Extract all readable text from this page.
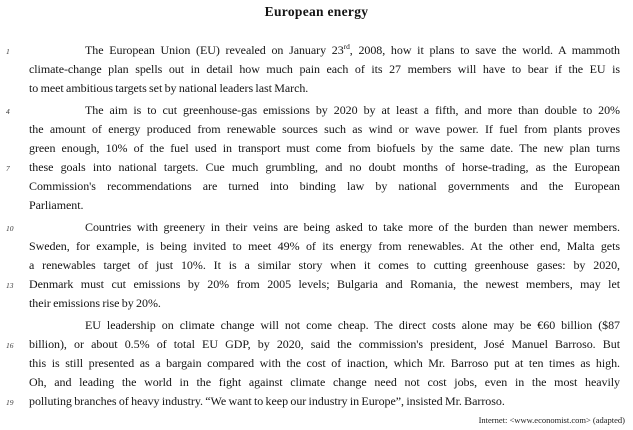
European energy
1	The European Union (EU) revealed on January 23rd, 2008, how it plans to save the world. A mammoth
climate-change plan spells out in detail how much pain each of its 27 members will have to bear if the EU is
to meet ambitious targets set by national leaders last March.
4	The aim is to cut greenhouse-gas emissions by 2020 by at least a fifth, and more than double to 20%
the amount of energy produced from renewable sources such as wind or wave power. If fuel from plants proves
green enough, 10% of the fuel used in transport must come from biofuels by the same date. The new plan turns
7	these goals into national targets. Cue much grumbling, and no doubt months of horse-trading, as the European
Commission's recommendations are turned into binding law by national governments and the European
Parliament.
10	Countries with greenery in their veins are being asked to take more of the burden than newer members.
Sweden, for example, is being invited to meet 49% of its energy from renewables. At the other end, Malta gets
a renewables target of just 10%. It is a similar story when it comes to cutting greenhouse gases: by 2020,
13	Denmark must cut emissions by 20% from 2005 levels; Bulgaria and Romania, the newest members, may let
their emissions rise by 20%.
EU leadership on climate change will not come cheap. The direct costs alone may be €60 billion ($87
16	billion), or about 0.5% of total EU GDP, by 2020, said the commission's president, José Manuel Barroso. But
this is still presented as a bargain compared with the cost of inaction, which Mr. Barroso put at ten times as high.
Oh, and leading the world in the fight against climate change need not cost jobs, even in the most heavily
19	polluting branches of heavy industry. “We want to keep our industry in Europe”, insisted Mr. Barroso.
Internet: <www.economist.com> (adapted)
